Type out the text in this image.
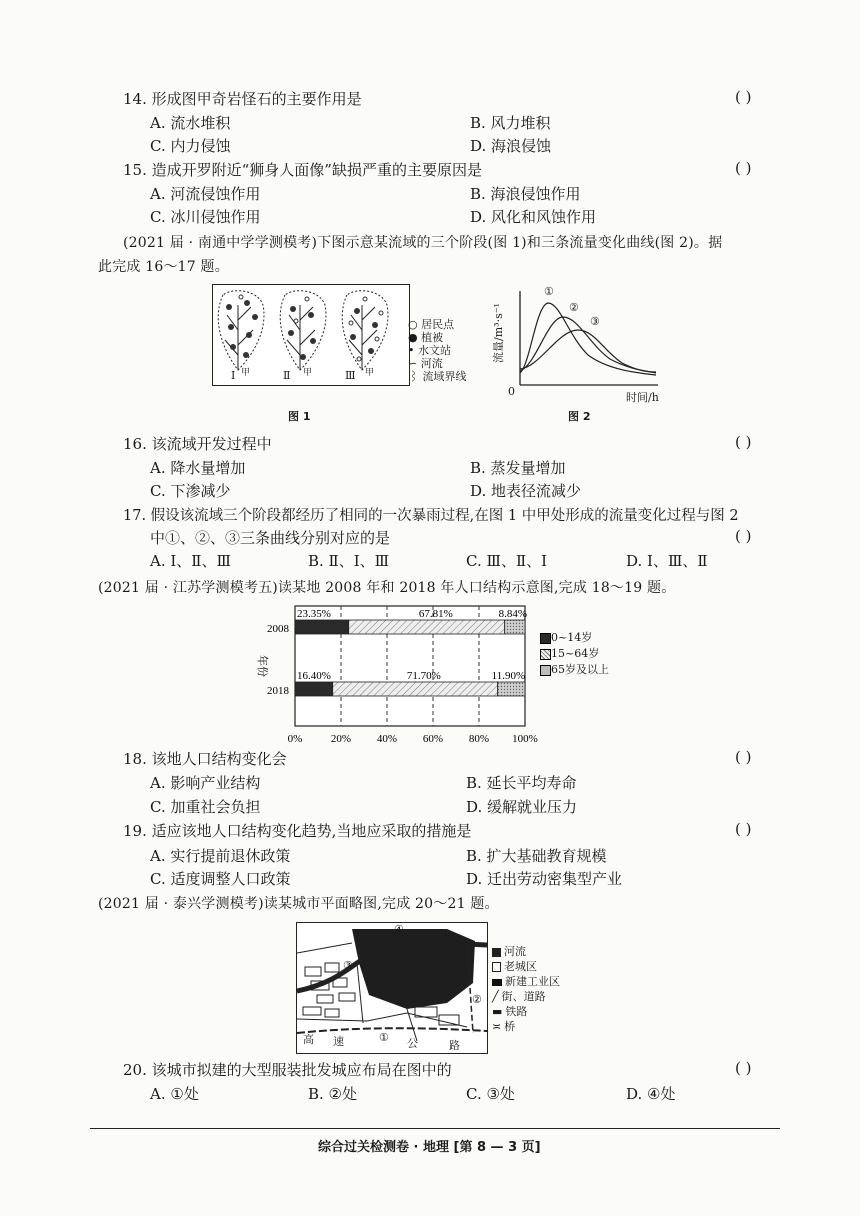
14. 形成图甲奇岩怪石的主要作用是	( )
A. 流水堆积	B. 风力堆积
C. 内力侵蚀	D. 海浪侵蚀
15. 造成开罗附近“狮身人面像”缺损严重的主要原因是	( )
A. 河流侵蚀作用	B. 海浪侵蚀作用
C. 冰川侵蚀作用	D. 风化和风蚀作用
(2021 届 · 南通中学学测模考)下图示意某流域的三个阶段(图 1)和三条流量变化曲线(图 2)。据
此完成 16～17 题。
Ⅰ	Ⅱ	Ⅲ
甲	甲	甲
○ 居民点
● 植被
• 水文站
∽ 河流
⌇ 流域界线
图 1
①
②
③
0	时间/h
流量/m³·s⁻¹
图 2
16. 该流域开发过程中	( )
A. 降水量增加	B. 蒸发量增加
C. 下渗减少	D. 地表径流减少
17. 假设该流域三个阶段都经历了相同的一次暴雨过程,在图 1 中甲处形成的流量变化过程与图 2
中①、②、③三条曲线分别对应的是	( )
A. Ⅰ、Ⅱ、Ⅲ	B. Ⅱ、Ⅰ、Ⅲ	C. Ⅲ、Ⅱ、Ⅰ	D. Ⅰ、Ⅲ、Ⅱ
(2021 届 · 江苏学测模考五)读某地 2008 年和 2018 年人口结构示意图,完成 18～19 题。
0%	20% 40% 60% 80% 100%
2008
23.35%	67.81%	8.84%
2018
16.40%	71.70%	11.90%
年份
0~14岁
15~64岁
65岁及以上
18. 该地人口结构变化会	( )
A. 影响产业结构	B. 延长平均寿命
C. 加重社会负担	D. 缓解就业压力
19. 适应该地人口结构变化趋势,当地应采取的措施是	( )
A. 实行提前退休政策	B. 扩大基础教育规模
C. 适度调整人口政策	D. 迁出劳动密集型产业
(2021 届 · 泰兴学测模考)读某城市平面略图,完成 20～21 题。
④
②
③
①
高 速	公	路
河流
老城区
新建工业区
╱ 街、道路
▬ 铁路
≍ 桥
20. 该城市拟建的大型服装批发城应布局在图中的	( )
A. ①处	B. ②处	C. ③处	D. ④处
综合过关检测卷 · 地理 [第 8 — 3 页]
